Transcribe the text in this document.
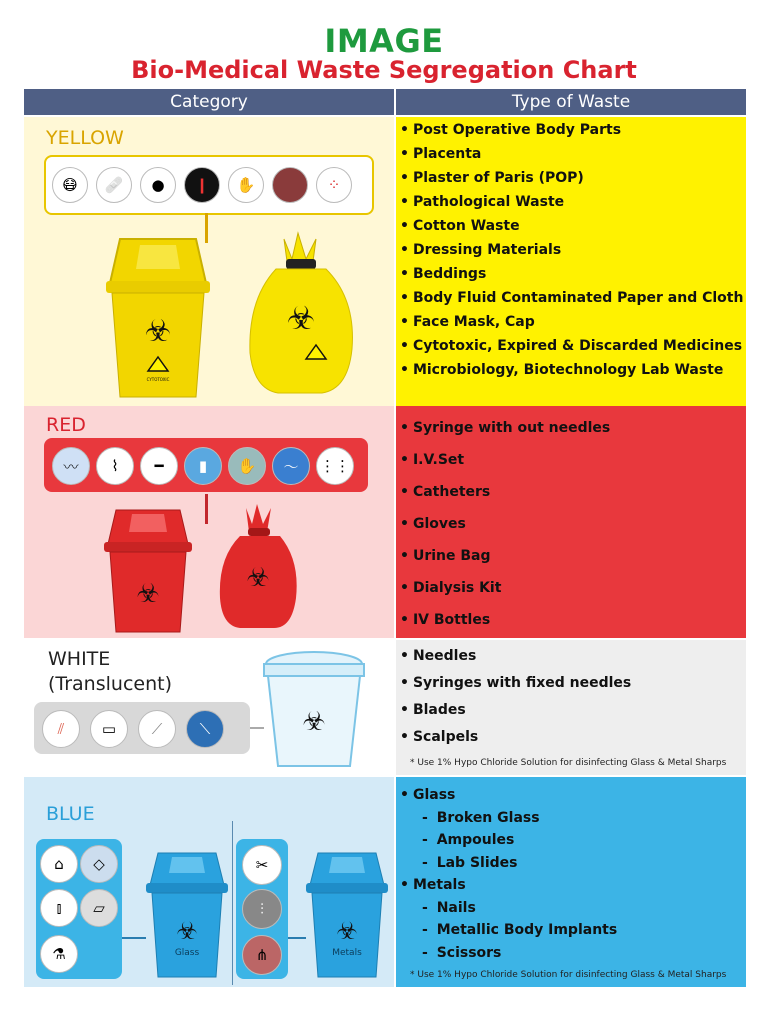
IMAGE
Bio-Medical Waste Segregation Chart
Category	Type of Waste
YELLOW
😷	🩹	●	❙	✋	⁘
☣
CYTOTOXIC
☣
• Post Operative Body Parts
• Placenta
• Plaster of Paris (POP)
• Pathological Waste
• Cotton Waste
• Dressing Materials
• Beddings
• Body Fluid Contaminated Paper and Cloth
• Face Mask, Cap
• Cytotoxic, Expired & Discarded Medicines
• Microbiology, Biotechnology Lab Waste
RED
〰	⌇	━	▮	✋	〜	⋮⋮
☣
☣
• Syringe with out needles
• I.V.Set
• Catheters
• Gloves
• Urine Bag
• Dialysis Kit
• IV Bottles
WHITE
(Translucent)
⫽	▭	⟋	⟍	☣
• Needles
• Syringes with fixed needles
• Blades
• Scalpels
* Use 1% Hypo Chloride Solution for disinfecting Glass & Metal Sharps
BLUE
⌂	◇
⫾	▱
⚗
☣
Glass
✂
⫶
⋔
☣
Metals
• Glass
- Broken Glass
- Ampoules
- Lab Slides
• Metals
- Nails
- Metallic Body Implants
- Scissors
* Use 1% Hypo Chloride Solution for disinfecting Glass & Metal Sharps
